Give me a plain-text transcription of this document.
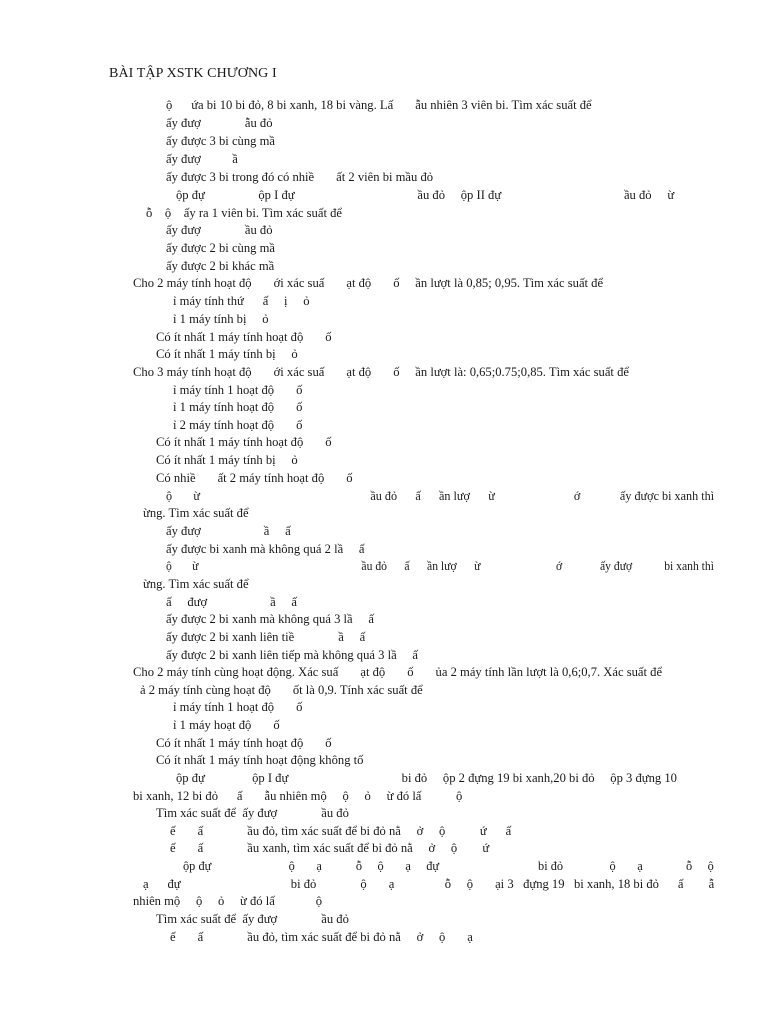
BÀI TẬP XSTK CHƯƠNG I
ộ      ứa bi 10 bi đỏ, 8 bi xanh, 18 bi vàng. Lấ       ẫu nhiên 3 viên bi. Tìm xác suất để
ấy đượ              ẫu đỏ
ấy được 3 bi cùng mầ
ấy đượ          ầ
ấy được 3 bi trong đó có nhiề       ất 2 viên bi mầu đỏ
ộp đự                 ộp I đự                                       ầu đỏ     ộp II đự                                       ầu đỏ     ừ
ỗ    ộ    ấy ra 1 viên bi. Tìm xác suất để
ấy đượ              ầu đỏ
ấy được 2 bi cùng mầ
ấy được 2 bi khác mầ
Cho 2 máy tính hoạt độ       ới xác suấ       ạt độ       ố     ần lượt là 0,85; 0,95. Tìm xác suất để
ỉ máy tính thứ      ấ     ị     ỏ
ỉ 1 máy tính bị     ỏ
Có ít nhất 1 máy tính hoạt độ       ố
Có ít nhất 1 máy tính bị     ỏ
Cho 3 máy tính hoạt độ       ới xác suấ       ạt độ       ố     ần lượt là: 0,65;0.75;0,85. Tìm xác suất để
ỉ máy tính 1 hoạt độ       ố
ỉ 1 máy tính hoạt độ       ố
ỉ 2 máy tính hoạt độ       ố
Có ít nhất 1 máy tính hoạt độ       ố
Có ít nhất 1 máy tính bị     ỏ
Có nhiề       ất 2 máy tính hoạt độ       ố
ộ       ừ                                                        ầu đỏ      ấ      ần lượ      ừ                          ớ             ấy được bi xanh thì
ừng. Tìm xác suất để
ấy đượ                    ầ     ấ
ấy được bi xanh mà không quá 2 lầ     ấ
ộ       ừ                                                        ầu đỏ      ấ      ần lượ      ừ                          ớ             ấy đượ           bi xanh thì
ừng. Tìm xác suất để
ấ     đượ                    ầ     ấ
ấy được 2 bi xanh mà không quá 3 lầ     ấ
ấy được 2 bi xanh liên tiề              ầ     ấ
ấy được 2 bi xanh liên tiếp mà không quá 3 lầ     ấ
Cho 2 máy tính cùng hoạt động. Xác suấ       ạt độ       ố       ủa 2 máy tính lần lượt là 0,6;0,7. Xác suất để
ả 2 máy tính cùng hoạt độ       ốt là 0,9. Tính xác suất để
ỉ máy tính 1 hoạt độ       ố
ỉ 1 máy hoạt độ       ố
Có ít nhất 1 máy tính hoạt độ       ố
Có ít nhất 1 máy tính hoạt động không tố
ộp đự               ộp I đự                                    bi đỏ     ộp 2 đựng 19 bi xanh,20 bi đỏ     ộp 3 đựng 10
bi xanh, 12 bi đỏ      ấ       ẫu nhiên mộ     ộ     ỏ     ừ đó lấ           ộ
Tìm xác suất để  ấy đượ              ầu đỏ
ế       ấ              ầu đỏ, tìm xác suất để bi đỏ nằ     ở     ộ           ứ      ấ
ế       ấ              ầu xanh, tìm xác suất để bi đỏ nằ     ở     ộ        ứ
ộp đự                         ộ       ạ           ỗ     ộ       ạ     đự                                bi đỏ               ộ       ạ              ỗ     ộ
ạ      đự                                   bi đỏ              ộ       ạ                ỗ     ộ       ại 3   đựng 19   bi xanh, 18 bi đỏ      ấ        ẫ
nhiên mộ     ộ     ỏ     ừ đó lấ             ộ
Tìm xác suất để  ấy đượ              ầu đỏ
ế       ấ              ầu đỏ, tìm xác suất để bi đỏ nằ     ở     ộ       ạ
